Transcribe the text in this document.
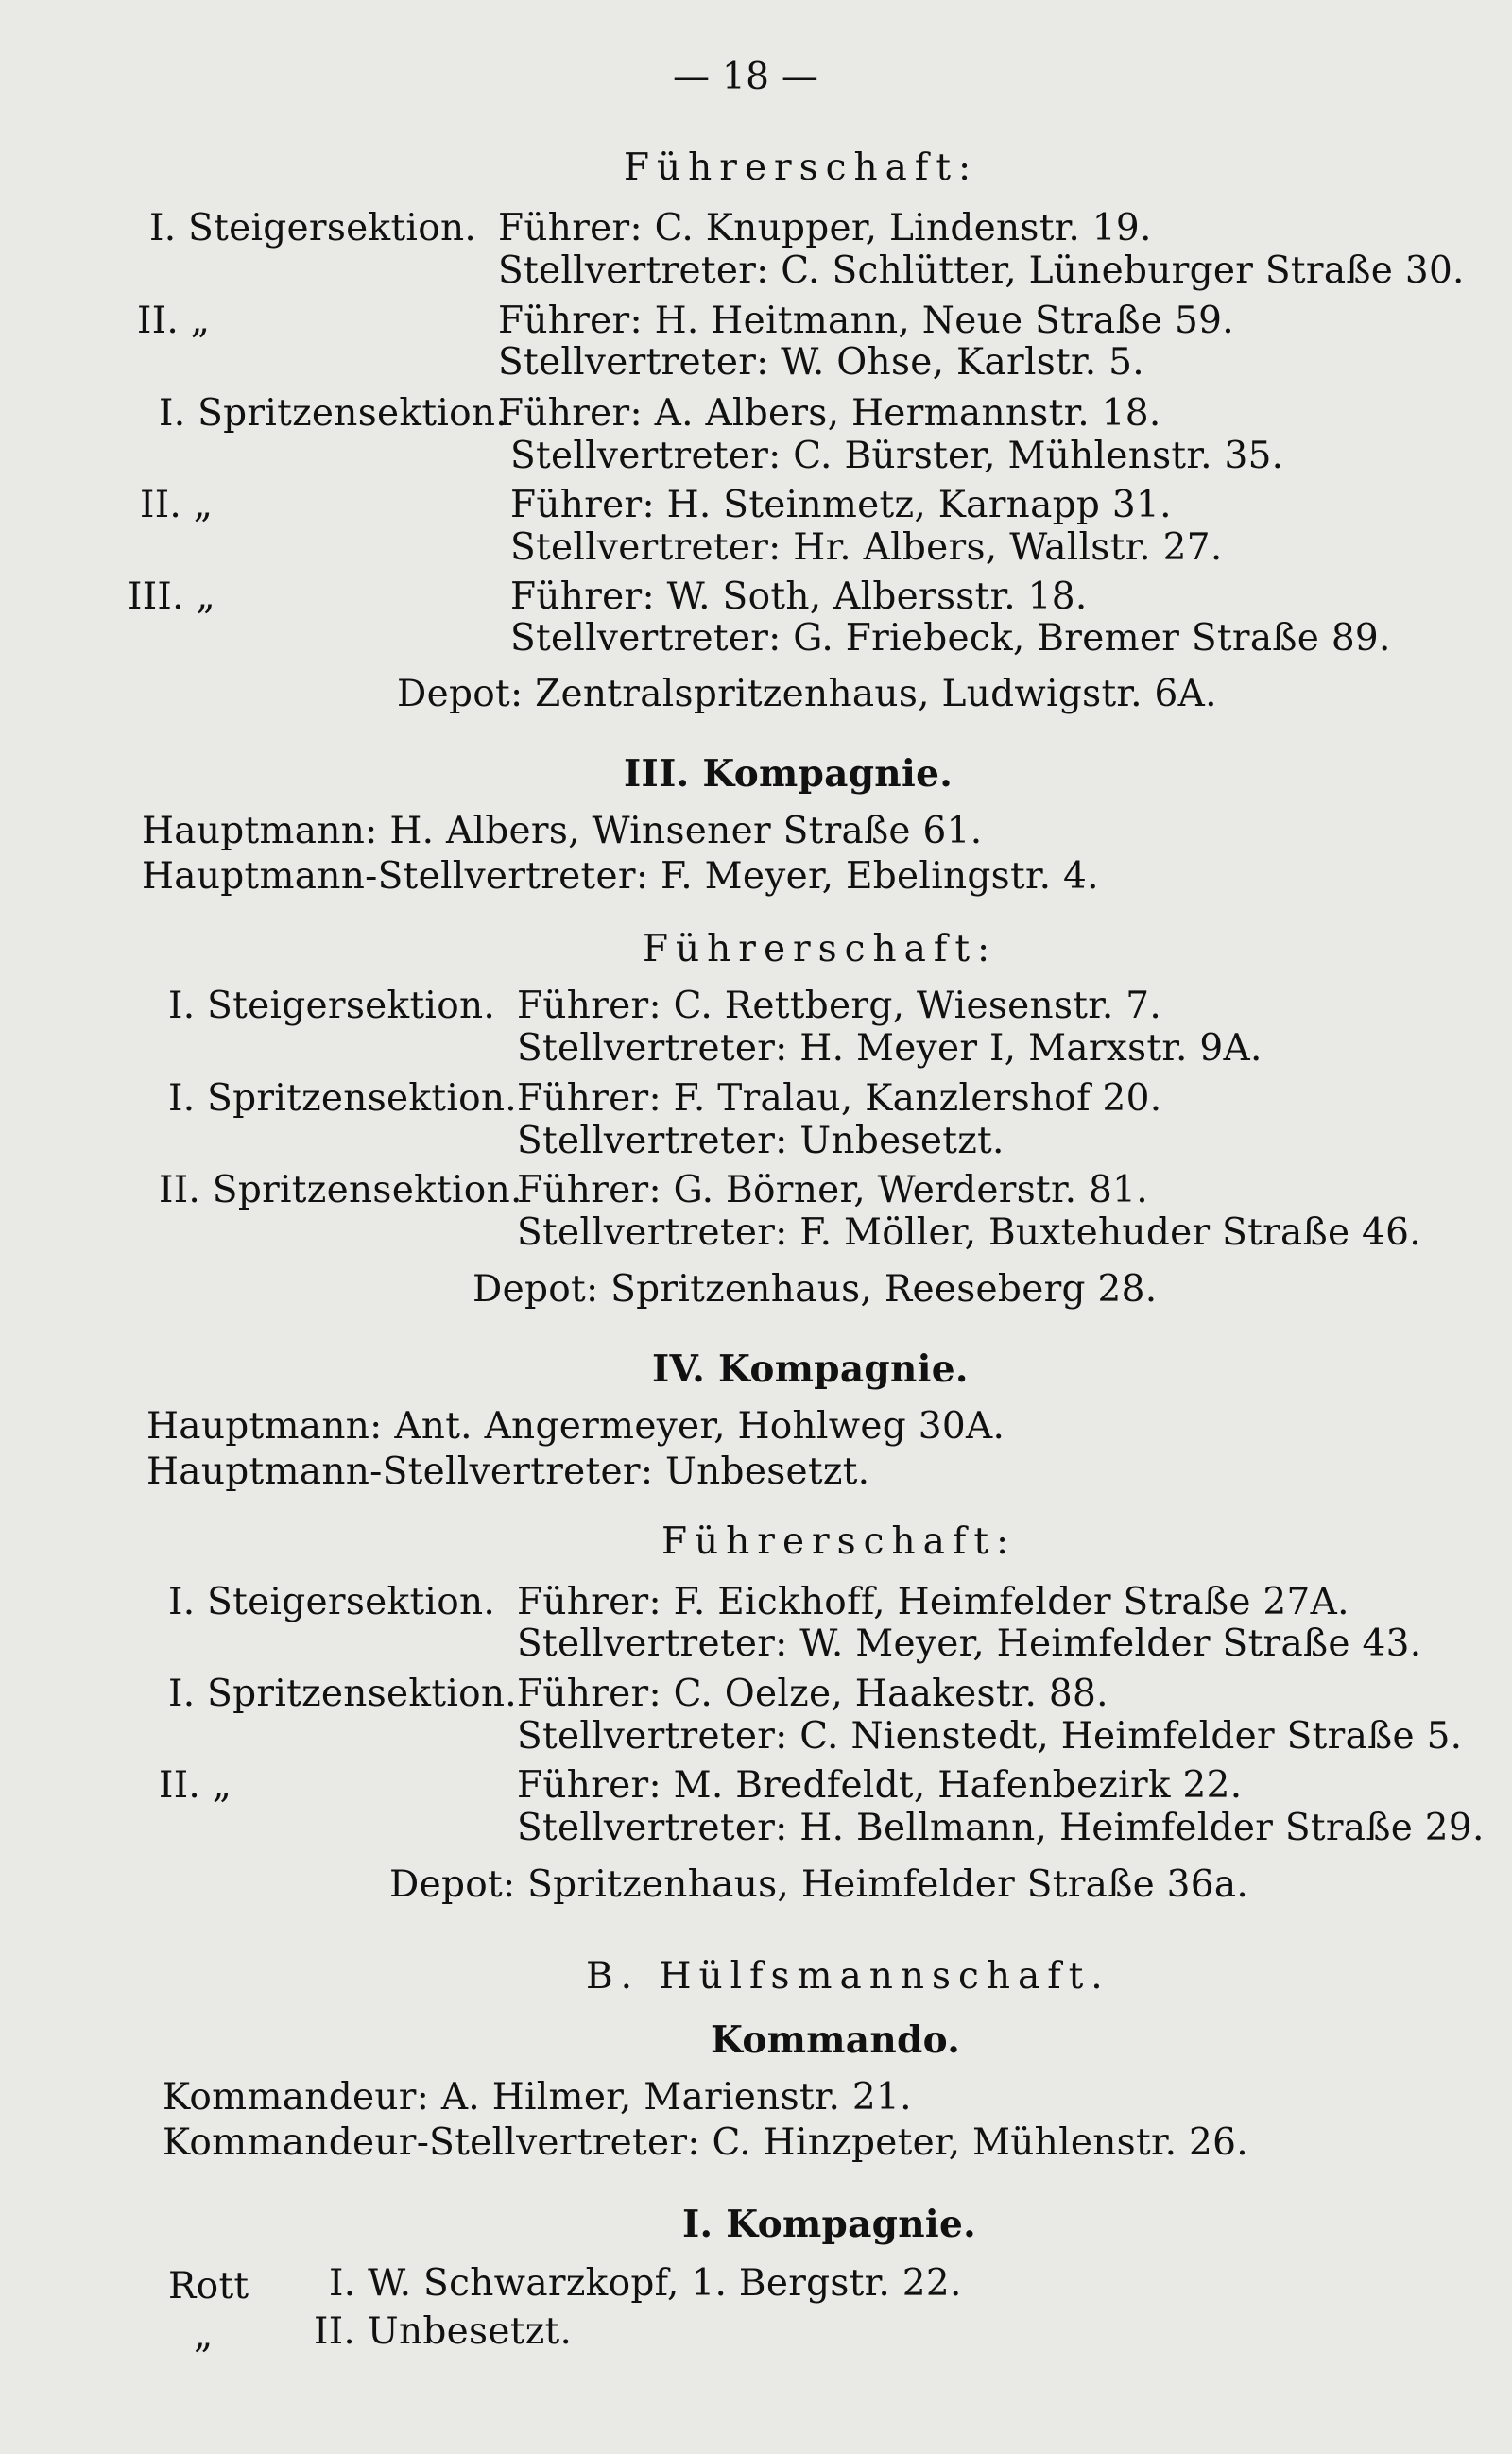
— 18 —
Führerschaft:
I. Steigersektion. Führer: C. Knupper, Lindenstr. 19.
Stellvertreter: C. Schlütter, Lüneburger Straße 30.
II. „	Führer: H. Heitmann, Neue Straße 59.
Stellvertreter: W. Ohse, Karlstr. 5.
I. Spritzensektion.
Führer: A. Albers, Hermannstr. 18.
Stellvertreter: C. Bürster, Mühlenstr. 35.
II. „	Führer: H. Steinmetz, Karnapp 31.
Stellvertreter: Hr. Albers, Wallstr. 27.
III. „	Führer: W. Soth, Albersstr. 18.
Stellvertreter: G. Friebeck, Bremer Straße 89.
Depot: Zentralspritzenhaus, Ludwigstr. 6A.
III. Kompagnie.
Hauptmann: H. Albers, Winsener Straße 61.
Hauptmann-Stellvertreter: F. Meyer, Ebelingstr. 4.
Führerschaft:
I. Steigersektion. Führer: C. Rettberg, Wiesenstr. 7.
Stellvertreter: H. Meyer I, Marxstr. 9A.
I. Spritzensektion. Führer: F. Tralau, Kanzlershof 20.
Stellvertreter: Unbesetzt.
II. Spritzensektion.
Führer: G. Börner, Werderstr. 81.
Stellvertreter: F. Möller, Buxtehuder Straße 46.
Depot: Spritzenhaus, Reeseberg 28.
IV. Kompagnie.
Hauptmann: Ant. Angermeyer, Hohlweg 30A.
Hauptmann-Stellvertreter: Unbesetzt.
Führerschaft:
I. Steigersektion. Führer: F. Eickhoff, Heimfelder Straße 27A.
Stellvertreter: W. Meyer, Heimfelder Straße 43.
I. Spritzensektion. Führer: C. Oelze, Haakestr. 88.
Stellvertreter: C. Nienstedt, Heimfelder Straße 5.
II. „	Führer: M. Bredfeldt, Hafenbezirk 22.
Stellvertreter: H. Bellmann, Heimfelder Straße 29.
Depot: Spritzenhaus, Heimfelder Straße 36a.
B. Hülfsmannschaft.
Kommando.
Kommandeur: A. Hilmer, Marienstr. 21.
Kommandeur-Stellvertreter: C. Hinzpeter, Mühlenstr. 26.
I. Kompagnie.
Rott I. W. Schwarzkopf, 1. Bergstr. 22.
„	II. Unbesetzt.
